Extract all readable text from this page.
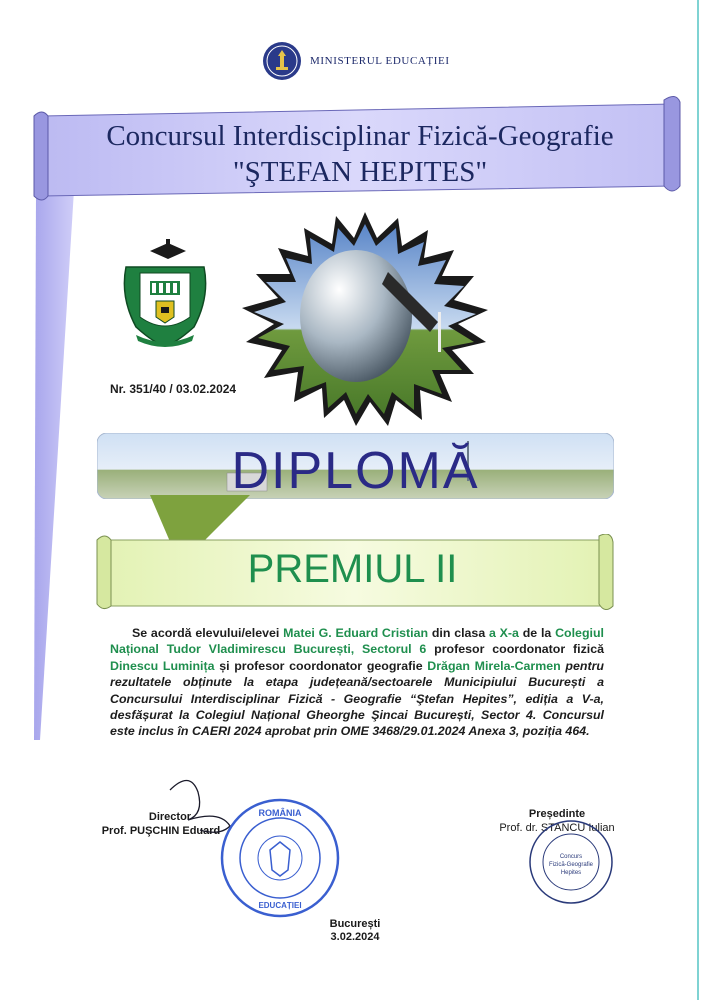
MINISTERUL EDUCAȚIEI
Concursul Interdisciplinar Fizică-Geografie
"ŞTEFAN HEPITES"
Nr. 351/40 / 03.02.2024
DIPLOMĂ
PREMIUL II
Se acordă elevului/elevei Matei G. Eduard Cristian din clasa a X-a de la Colegiul Național Tudor Vladimirescu București, Sectorul 6 profesor coordonator fizică Dinescu Luminița și profesor coordonator geografie Drăgan Mirela-Carmen pentru rezultatele obținute la etapa județeană/sectoarele Municipiului București a Concursului Interdisciplinar Fizică - Geografie “Ştefan Hepites”, ediția a V-a, desfășurat la Colegiul Național Gheorghe Şincai București, Sector 4. Concursul este inclus în CAERI 2024 aprobat prin OME 3468/29.01.2024 Anexa 3, poziția 464.
Director
Prof. PUŞCHIN Eduard
ROMÂNIA
EDUCAȚIEI
Președinte
Prof. dr. STANCU Iulian
Concurs
Fizică-Geografie
Hepites
București
3.02.2024
